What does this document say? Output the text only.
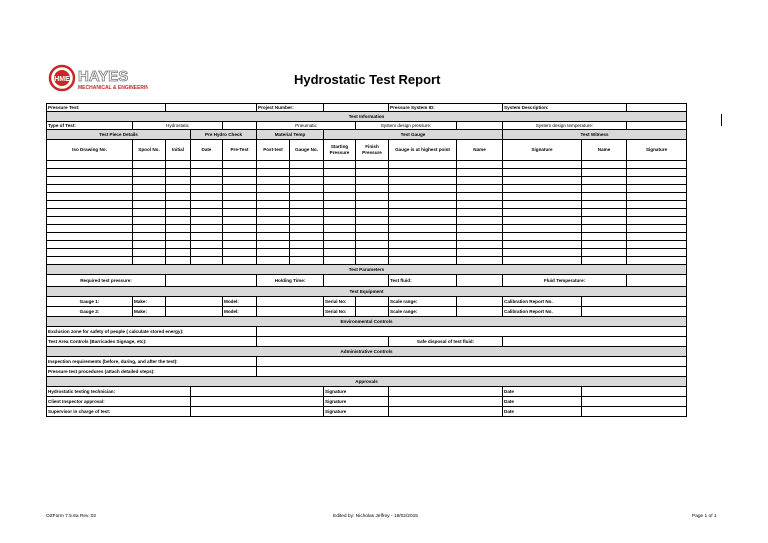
HME HAYES
MECHANICAL & ENGINEERING
Hydrostatic Test Report
Pressure Test:					Project Number:				Pressure System ID:		System Description:		
Test Information													
Type of Test:	Hydrostatic				Pneumatic			System design pressure:			System design temperature:		
Test Piece Details			Pre Hydro Check		Material Temp		Test Gauge				Test Witness		
Iso Drawing No.	Spool No.	Initial	Date	Pre-Test	Post-test	Gauge No.	Starting Pressure	Finish Pressure	Gauge is at highest point	Name	Signature	Name	Signature

Test Parameters													
Required test pressure:					Holding Time:				Test fluid:		Fluid Temperature:		
Test Equipment													
Gauge 1:	Make:			Model:			Serial No:		Scale range:		Calibration Report No.		
Gauge 2:	Make:			Model:			Serial No:		Scale range:		Calibration Report No.		
Environmental Controls													
Exclusion zone for safety of people ( calculate stored energy):													
Test Area Controls (Barricades Signage, etc):									Safe disposal of test fluid:				
Administrative Controls													
Inspection requirements (before, during, and after the test):													
Pressure test procedures (attach detailed steps):													
Approvals													
Hydrostatic testing technician:							Signature				Date		
Client Inspector approval:							Signature				Date		
Supervisor in charge of test:							Signature				Date		
OZForm 7.5.6a Rev.:02	Edited by: Nicholas Jeffrey - 19/02/2015	Page 1 of 1
